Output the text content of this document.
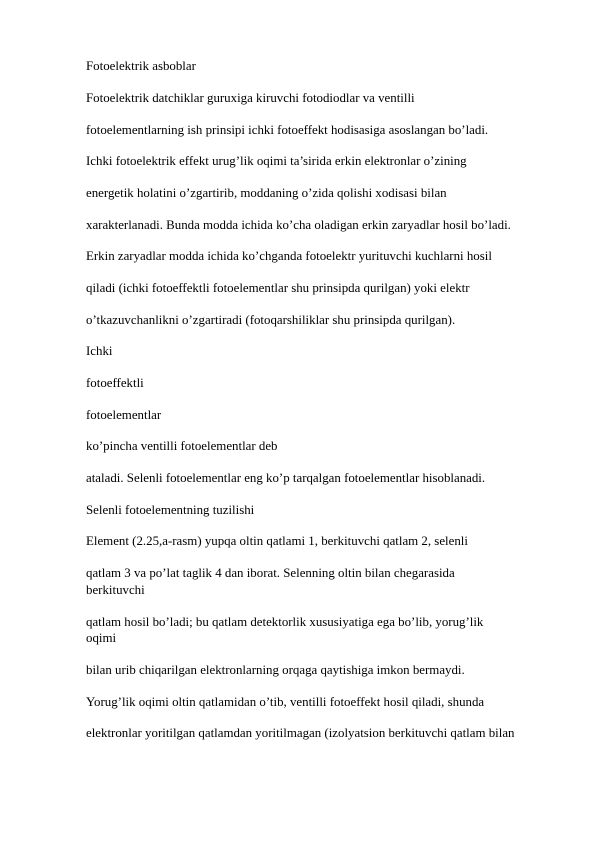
Fotoelektrik asboblar
Fotoelektrik datchiklar guruxiga kiruvchi fotodiodlar va ventilli
fotoelementlarning ish prinsipi ichki fotoeffekt hodisasiga asoslangan bo’ladi.
Ichki fotoelektrik effekt urug’lik oqimi ta’sirida erkin elektronlar o’zining
energetik holatini o’zgartirib, moddaning o’zida qolishi xodisasi bilan
xarakterlanadi. Bunda modda ichida ko’cha oladigan erkin zaryadlar hosil bo’ladi.
Erkin zaryadlar modda ichida ko’chganda fotoelektr yurituvchi kuchlarni hosil
qiladi (ichki fotoeffektli fotoelementlar shu prinsipda qurilgan) yoki elektr
o’tkazuvchanlikni o’zgartiradi (fotoqarshiliklar shu prinsipda qurilgan).
Ichki
fotoeffektli
fotoelementlar
ko’pincha ventilli fotoelementlar deb
ataladi. Selenli fotoelementlar eng ko’p tarqalgan fotoelementlar hisoblanadi.
Selenli fotoelementning tuzilishi
Element (2.25,a-rasm) yupqa oltin qatlami 1, berkituvchi qatlam 2, selenli
qatlam 3 va po’lat taglik 4 dan iborat. Selenning oltin bilan chegarasida
berkituvchi
qatlam hosil bo’ladi; bu qatlam detektorlik xususiyatiga ega bo’lib, yorug’lik
oqimi
bilan urib chiqarilgan elektronlarning orqaga qaytishiga imkon bermaydi.
Yorug’lik oqimi oltin qatlamidan o’tib, ventilli fotoeffekt hosil qiladi, shunda
elektronlar yoritilgan qatlamdan yoritilmagan (izolyatsion berkituvchi qatlam bilan
